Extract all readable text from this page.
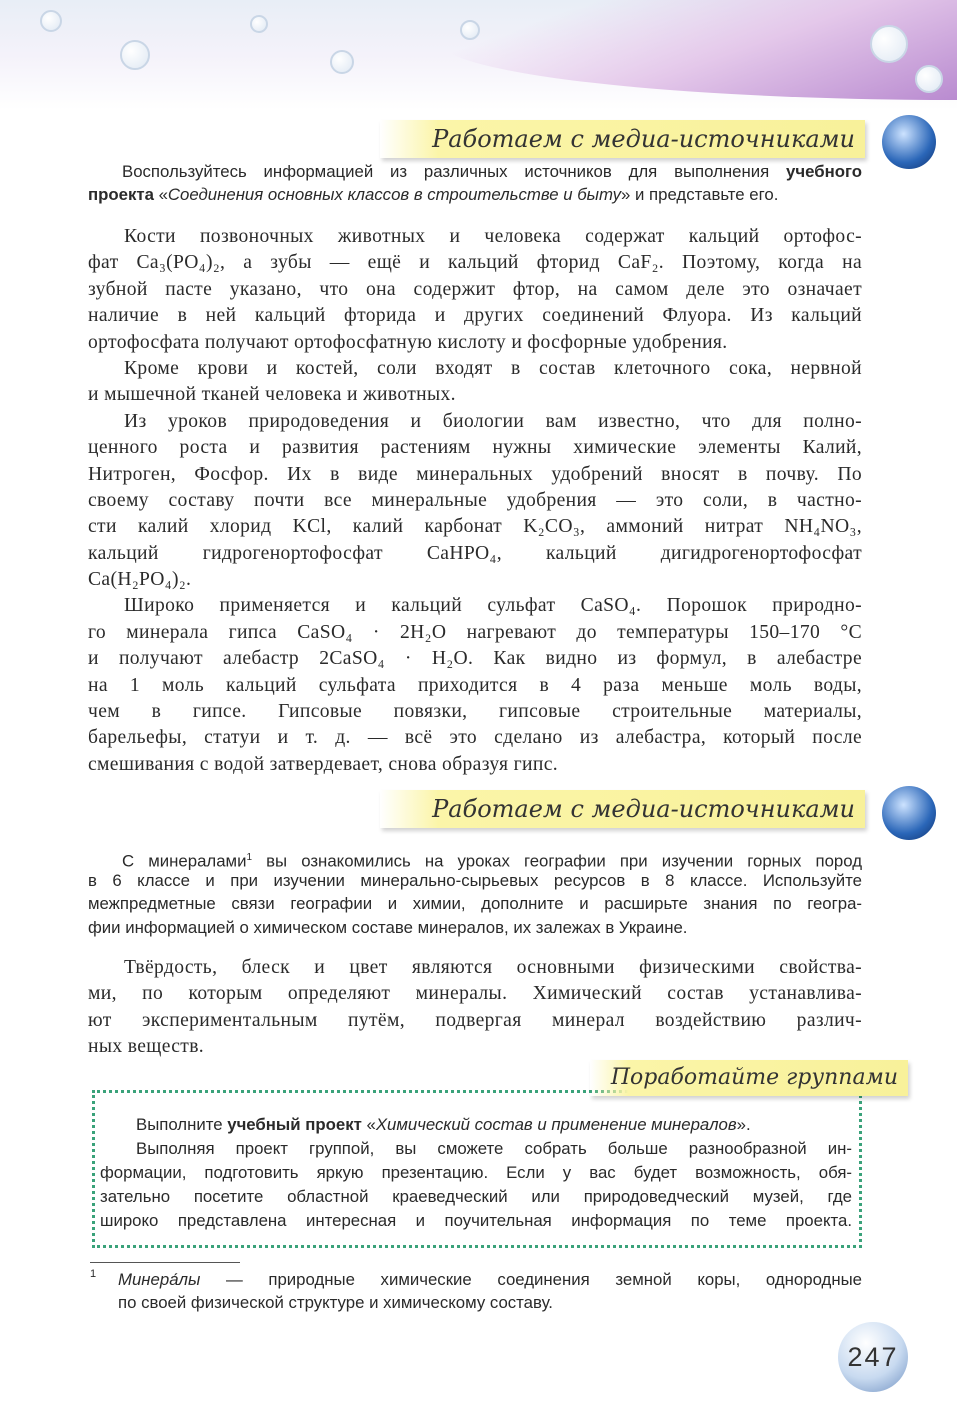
Работаем с медиа-источниками
Воспользуйтесь информацией из различных источников для выполнения учебного
проекта «Соединения основных классов в строительстве и быту» и представьте его.
Кости позвоночных животных и человека содержат кальций ортофос-
фат Ca₃(PO₄)₂, а зубы — ещё и кальций фторид CaF₂. Поэтому, когда на
зубной пасте указано, что она содержит фтор, на самом деле это означает
наличие в ней кальций фторида и других соединений Флуора. Из кальций
ортофосфата получают ортофосфатную кислоту и фосфорные удобрения.
Кроме крови и костей, соли входят в состав клеточного сока, нервной
и мышечной тканей человека и животных.
Из уроков природоведения и биологии вам известно, что для полно-
ценного роста и развития растениям нужны химические элементы Калий,
Нитроген, Фосфор. Их в виде минеральных удобрений вносят в почву. По
своему составу почти все минеральные удобрения — это соли, в частно-
сти калий хлорид KCl, калий карбонат K₂CO₃, аммоний нитрат NH₄NO₃,
кальций гидрогенортофосфат CaHPO₄, кальций дигидрогенортофосфат
Ca(H₂PO₄)₂.
Широко применяется и кальций сульфат CaSO₄. Порошок природно-
го минерала гипса CaSO₄ · 2H₂O нагревают до температуры 150–170 °C
и получают алебастр 2CaSO₄ · H₂O. Как видно из формул, в алебастре
на 1 моль кальций сульфата приходится в 4 раза меньше моль воды,
чем в гипсе. Гипсовые повязки, гипсовые строительные материалы,
барельефы, статуи и т. д. — всё это сделано из алебастра, который после
смешивания с водой затвердевает, снова образуя гипс.
Работаем с медиа-источниками
С минералами$^1$ вы ознакомились на уроках географии при изучении горных пород
в 6 классе и при изучении минерально-сырьевых ресурсов в 8 классе. Используйте
межпредметные связи географии и химии, дополните и расширьте знания по геогра-
фии информацией о химическом составе минералов, их залежах в Украине.
Твёрдость, блеск и цвет являются основными физическими свойства-
ми, по которым определяют минералы. Химический состав устанавлива-
ют экспериментальным путём, подвергая минерал воздействию различ-
ных веществ.
Поработайте группами
Выполните учебный проект «Химический состав и применение минералов».
Выполняя проект группой, вы сможете собрать больше разнообразной ин-
формации, подготовить яркую презентацию. Если у вас будет возможность, обя-
зательно посетите областной краеведческий или природоведческий музей, где
широко представлена интересная и поучительная информация по теме проекта.
1 Минера́лы — природные химические соединения земной коры, однородные
по своей физической структуре и химическому составу.
247
